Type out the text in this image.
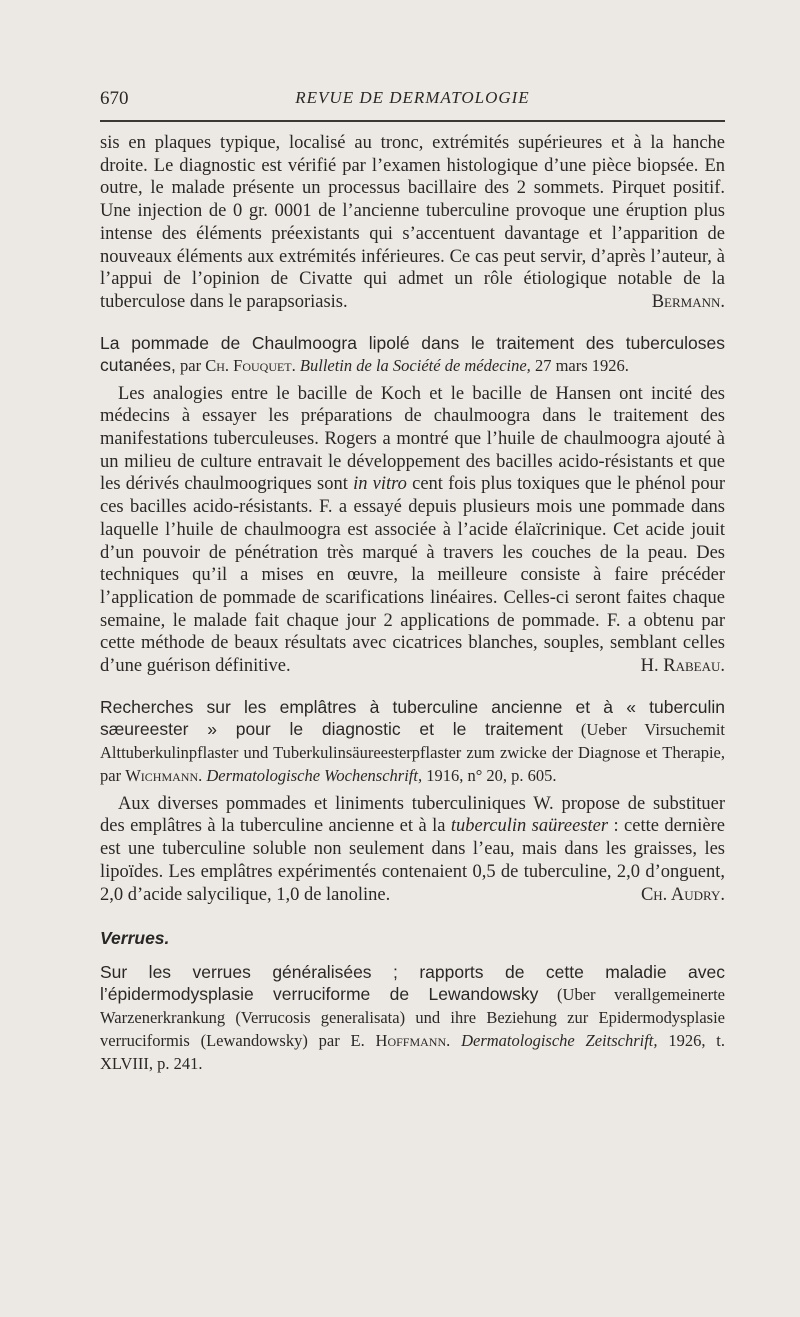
670	REVUE DE DERMATOLOGIE

sis en plaques typique, localisé au tronc, extrémités supérieures et à la hanche droite. Le diagnostic est vérifié par l’examen histologique d’une pièce biopsée. En outre, le malade présente un processus bacillaire des 2 sommets. Pirquet positif. Une injection de 0 gr. 0001 de l’ancienne tuberculine provoque une éruption plus intense des éléments préexistants qui s’accentuent davantage et l’apparition de nouveaux éléments aux extrémités inférieures. Ce cas peut servir, d’après l’auteur, à l’appui de l’opinion de Civatte qui admet un rôle étiologique notable de la tuberculose dans le parapsoriasis.	Bermann.

La pommade de Chaulmoogra lipolé dans le traitement des tuberculoses cutanées, par Ch. Fouquet. Bulletin de la Société de médecine, 27 mars 1926.

Les analogies entre le bacille de Koch et le bacille de Hansen ont incité des médecins à essayer les préparations de chaulmoogra dans le traitement des manifestations tuberculeuses. Rogers a montré que l’huile de chaulmoogra ajouté à un milieu de culture entravait le développement des bacilles acido-résistants et que les dérivés chaulmoogriques sont in vitro cent fois plus toxiques que le phénol pour ces bacilles acido-résistants. F. a essayé depuis plusieurs mois une pommade dans laquelle l’huile de chaulmoogra est associée à l’acide élaïcrinique. Cet acide jouit d’un pouvoir de pénétration très marqué à travers les couches de la peau. Des techniques qu’il a mises en œuvre, la meilleure consiste à faire précéder l’application de pommade de scarifications linéaires. Celles-ci seront faites chaque semaine, le malade fait chaque jour 2 applications de pommade. F. a obtenu par cette méthode de beaux résultats avec cicatrices blanches, souples, semblant celles d’une guérison définitive.	H. Rabeau.

Recherches sur les emplâtres à tuberculine ancienne et à « tuberculin sæureester » pour le diagnostic et le traitement (Ueber Virsuchemit Alttuberkulinpflaster und Tuberkulinsäureesterpflaster zum zwicke der Diagnose et Therapie, par Wichmann. Dermatologische Wochenschrift, 1916, n° 20, p. 605.

Aux diverses pommades et liniments tuberculiniques W. propose de substituer des emplâtres à la tuberculine ancienne et à la tuberculin saüreester : cette dernière est une tuberculine soluble non seulement dans l’eau, mais dans les graisses, les lipoïdes. Les emplâtres expérimentés contenaient 0,5 de tuberculine, 2,0 d’onguent, 2,0 d’acide salycilique, 1,0 de lanoline.	Ch. Audry.

Verrues.

Sur les verrues généralisées ; rapports de cette maladie avec l’épidermodysplasie verruciforme de Lewandowsky (Uber verallgemeinerte Warzenerkrankung (Verrucosis generalisata) und ihre Beziehung zur Epidermodysplasie verruciformis (Lewandowsky) par E. Hoffmann. Dermatologische Zeitschrift, 1926, t. XLVIII, p. 241.
